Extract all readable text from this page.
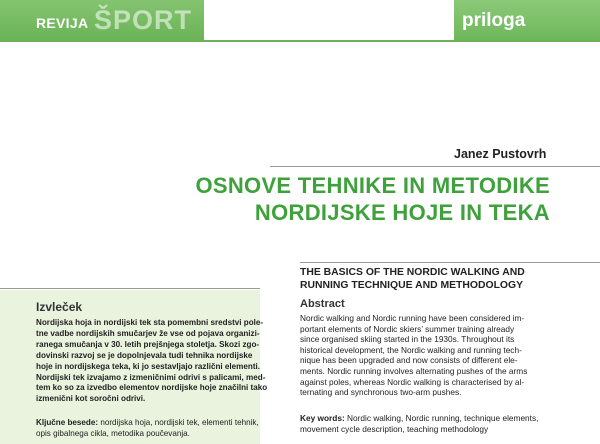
REVIJA ŠPORT	priloga
Janez Pustovrh
OSNOVE TEHNIKE IN METODIKE
NORDIJSKE HOJE IN TEKA
Izvleček
Nordijska hoja in nordijski tek sta pomembni sredstvi pole-
tne vadbe nordijskih smučarjev že vse od pojava organizi-
ranega smučanja v 30. letih prejšnjega stoletja. Skozi zgo-
dovinski razvoj se je dopolnjevala tudi tehnika nordijske
hoje in nordijskega teka, ki jo sestavljajo različni elementi.
Nordijski tek izvajamo z izmeničnimi odrivi s palicami, med-
tem ko so za izvedbo elementov nordijske hoje značilni tako
izmenični kot soročni odrivi.
Ključne besede: nordijska hoja, nordijski tek, elementi tehnik,
opis gibalnega cikla, metodika poučevanja.
THE BASICS OF THE NORDIC WALKING AND
RUNNING TECHNIQUE AND METHODOLOGY
Abstract
Nordic walking and Nordic running have been considered im-
portant elements of Nordic skiers’ summer training already
since organised skiing started in the 1930s. Throughout its
historical development, the Nordic walking and running tech-
nique has been upgraded and now consists of different ele-
ments. Nordic running involves alternating pushes of the arms
against poles, whereas Nordic walking is characterised by al-
ternating and synchronous two-arm pushes.
Key words: Nordic walking, Nordic running, technique elements,
movement cycle description, teaching methodology
